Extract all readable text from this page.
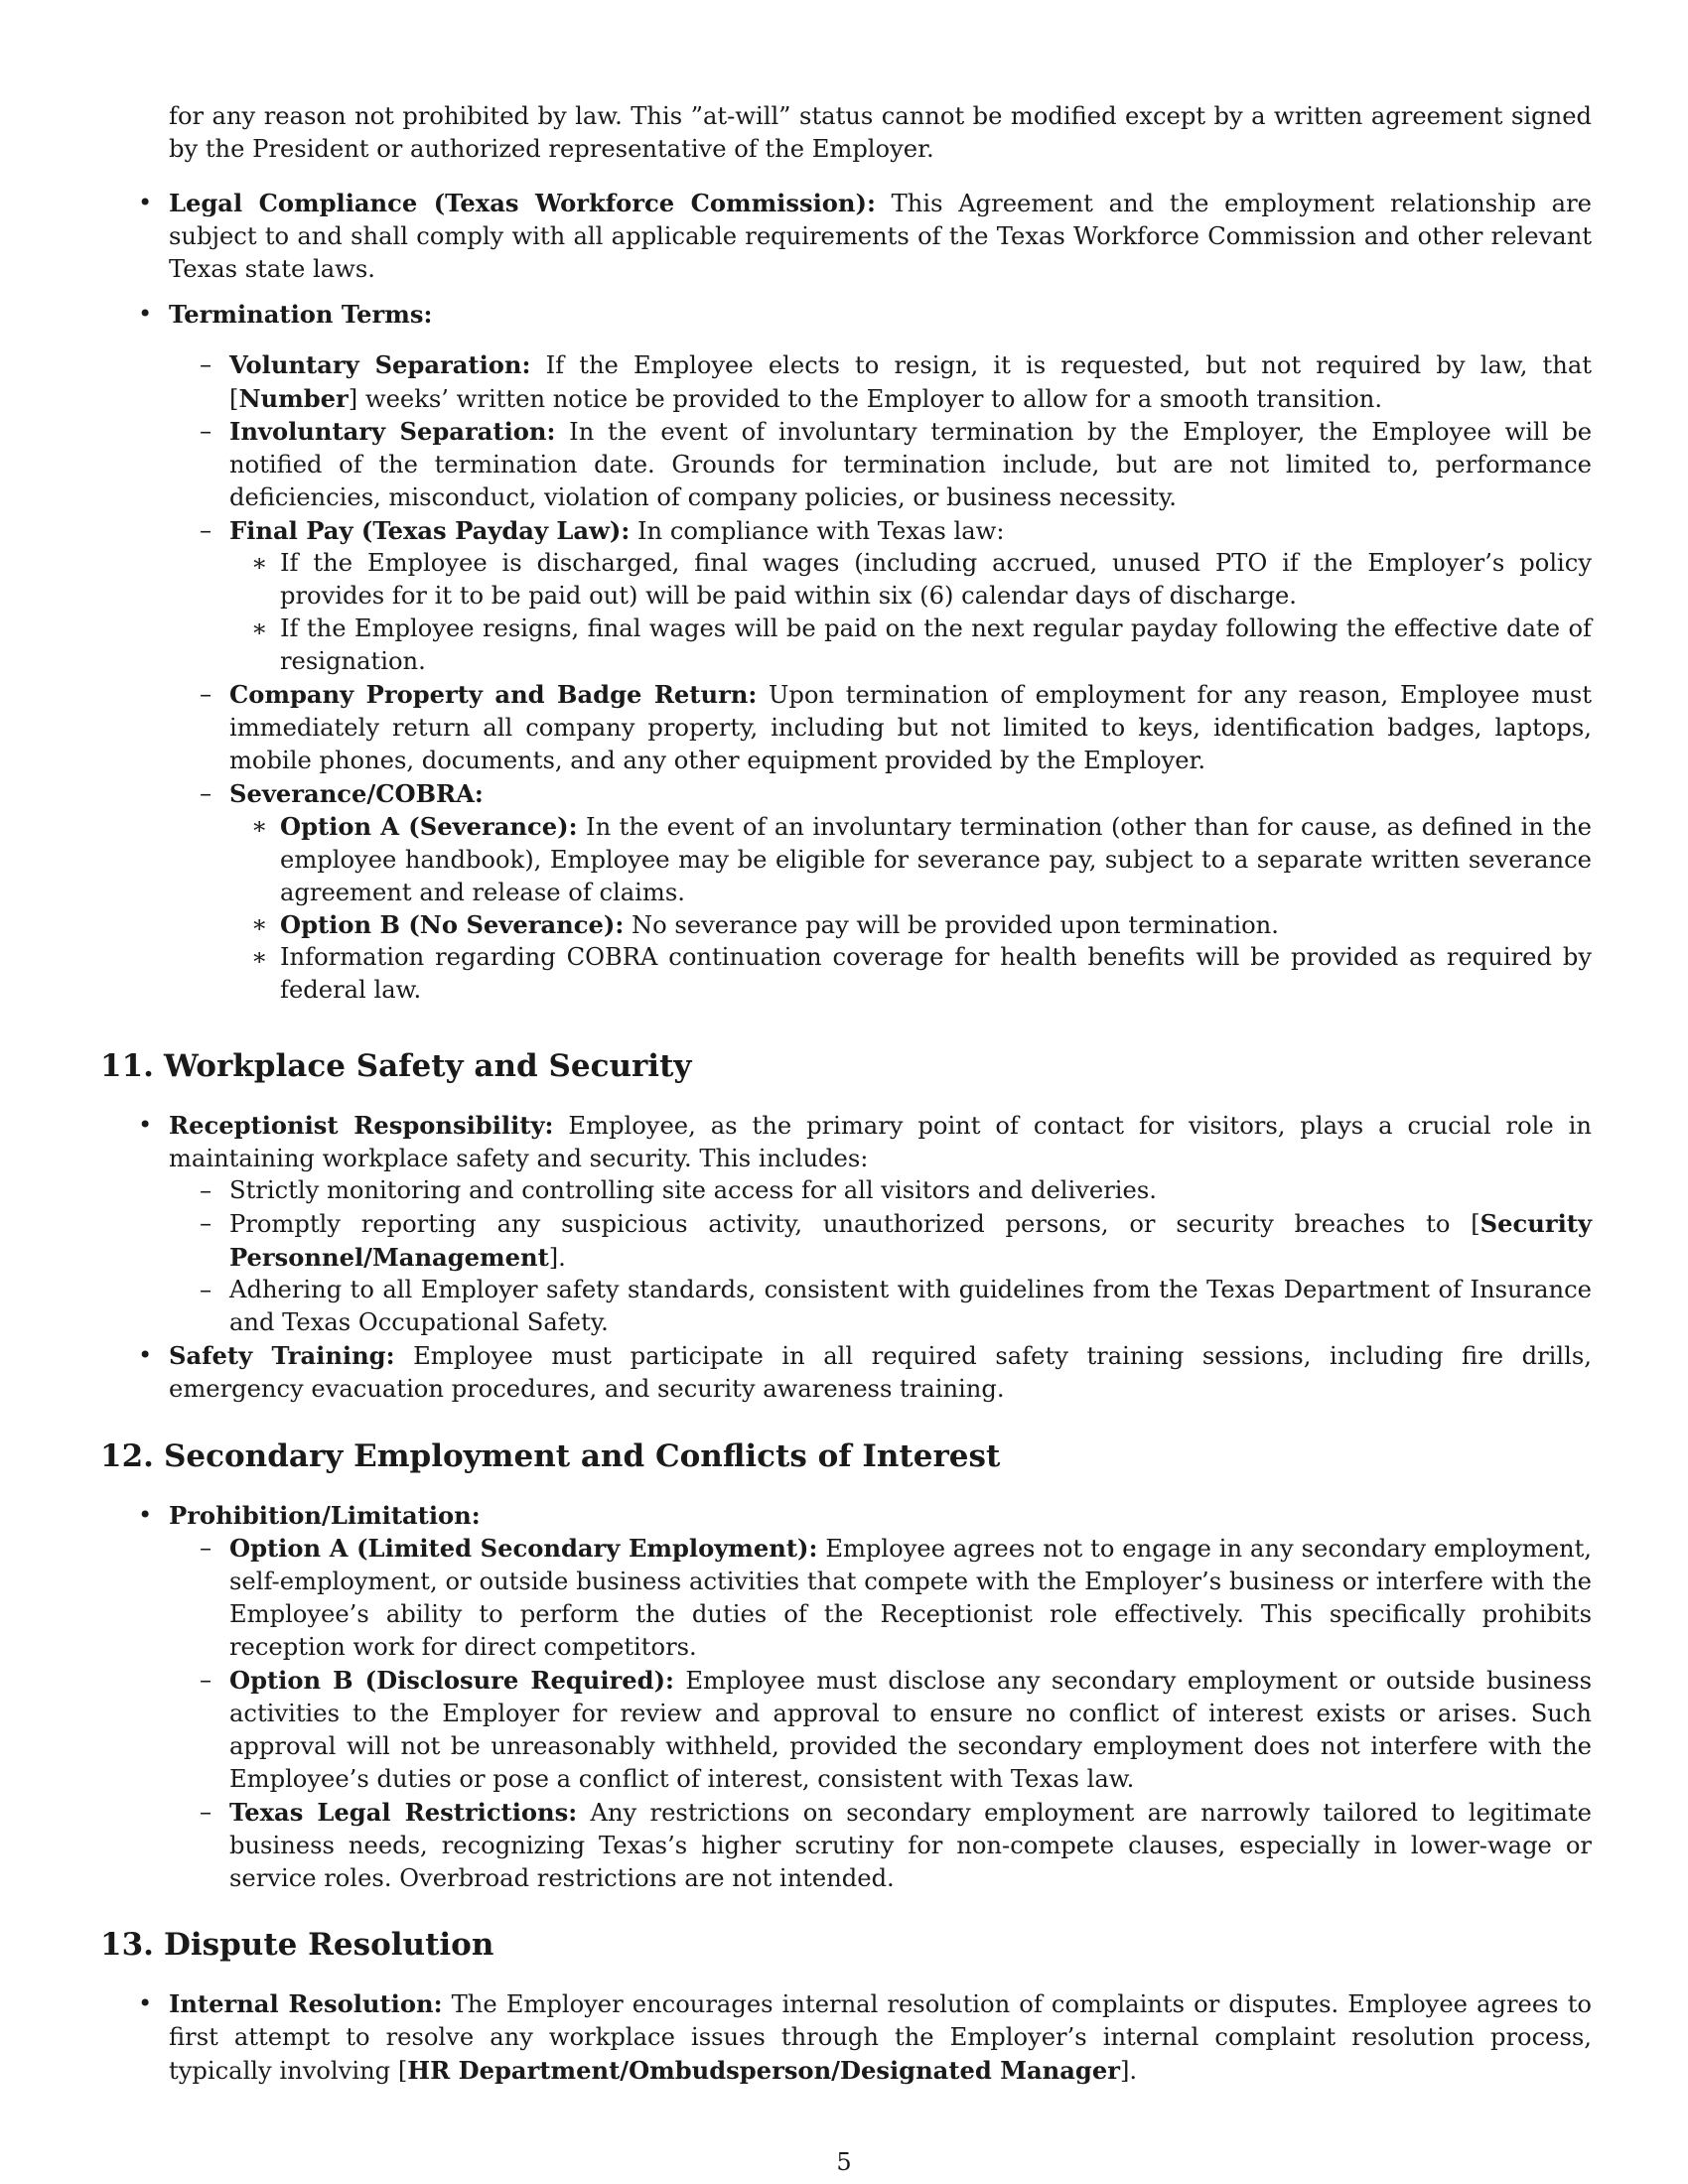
for any reason not prohibited by law. This ”at-will” status cannot be modified except by a written agreement signed by the President or authorized representative of the Employer.
• Legal Compliance (Texas Workforce Commission): This Agreement and the employment relationship are subject to and shall comply with all applicable requirements of the Texas Workforce Commission and other relevant Texas state laws.
• Termination Terms:
– Voluntary Separation: If the Employee elects to resign, it is requested, but not required by law, that [Number] weeks’ written notice be provided to the Employer to allow for a smooth transition.
– Involuntary Separation: In the event of involuntary termination by the Employer, the Employee will be notified of the termination date. Grounds for termination include, but are not limited to, performance deficiencies, misconduct, violation of company policies, or business necessity.
– Final Pay (Texas Payday Law): In compliance with Texas law:
∗ If the Employee is discharged, final wages (including accrued, unused PTO if the Employer’s policy provides for it to be paid out) will be paid within six (6) calendar days of discharge.
∗ If the Employee resigns, final wages will be paid on the next regular payday following the effective date of resignation.
– Company Property and Badge Return: Upon termination of employment for any reason, Employee must immediately return all company property, including but not limited to keys, identification badges, laptops, mobile phones, documents, and any other equipment provided by the Employer.
– Severance/COBRA:
∗ Option A (Severance): In the event of an involuntary termination (other than for cause, as defined in the employee handbook), Employee may be eligible for severance pay, subject to a separate written severance agreement and release of claims.
∗ Option B (No Severance): No severance pay will be provided upon termination.
∗ Information regarding COBRA continuation coverage for health benefits will be provided as required by federal law.
11. Workplace Safety and Security
• Receptionist Responsibility: Employee, as the primary point of contact for visitors, plays a crucial role in maintaining workplace safety and security. This includes:
– Strictly monitoring and controlling site access for all visitors and deliveries.
– Promptly reporting any suspicious activity, unauthorized persons, or security breaches to [Security Personnel/Management].
– Adhering to all Employer safety standards, consistent with guidelines from the Texas Department of Insurance and Texas Occupational Safety.
• Safety Training: Employee must participate in all required safety training sessions, including fire drills, emergency evacuation procedures, and security awareness training.
12. Secondary Employment and Conflicts of Interest
• Prohibition/Limitation:
– Option A (Limited Secondary Employment): Employee agrees not to engage in any secondary employment, self-employment, or outside business activities that compete with the Employer’s business or interfere with the Employee’s ability to perform the duties of the Receptionist role effectively. This specifically prohibits reception work for direct competitors.
– Option B (Disclosure Required): Employee must disclose any secondary employment or outside business activities to the Employer for review and approval to ensure no conflict of interest exists or arises. Such approval will not be unreasonably withheld, provided the secondary employment does not interfere with the Employee’s duties or pose a conflict of interest, consistent with Texas law.
– Texas Legal Restrictions: Any restrictions on secondary employment are narrowly tailored to legitimate business needs, recognizing Texas’s higher scrutiny for non-compete clauses, especially in lower-wage or service roles. Overbroad restrictions are not intended.
13. Dispute Resolution
• Internal Resolution: The Employer encourages internal resolution of complaints or disputes. Employee agrees to first attempt to resolve any workplace issues through the Employer’s internal complaint resolution process, typically involving [HR Department/Ombudsperson/Designated Manager].
5
